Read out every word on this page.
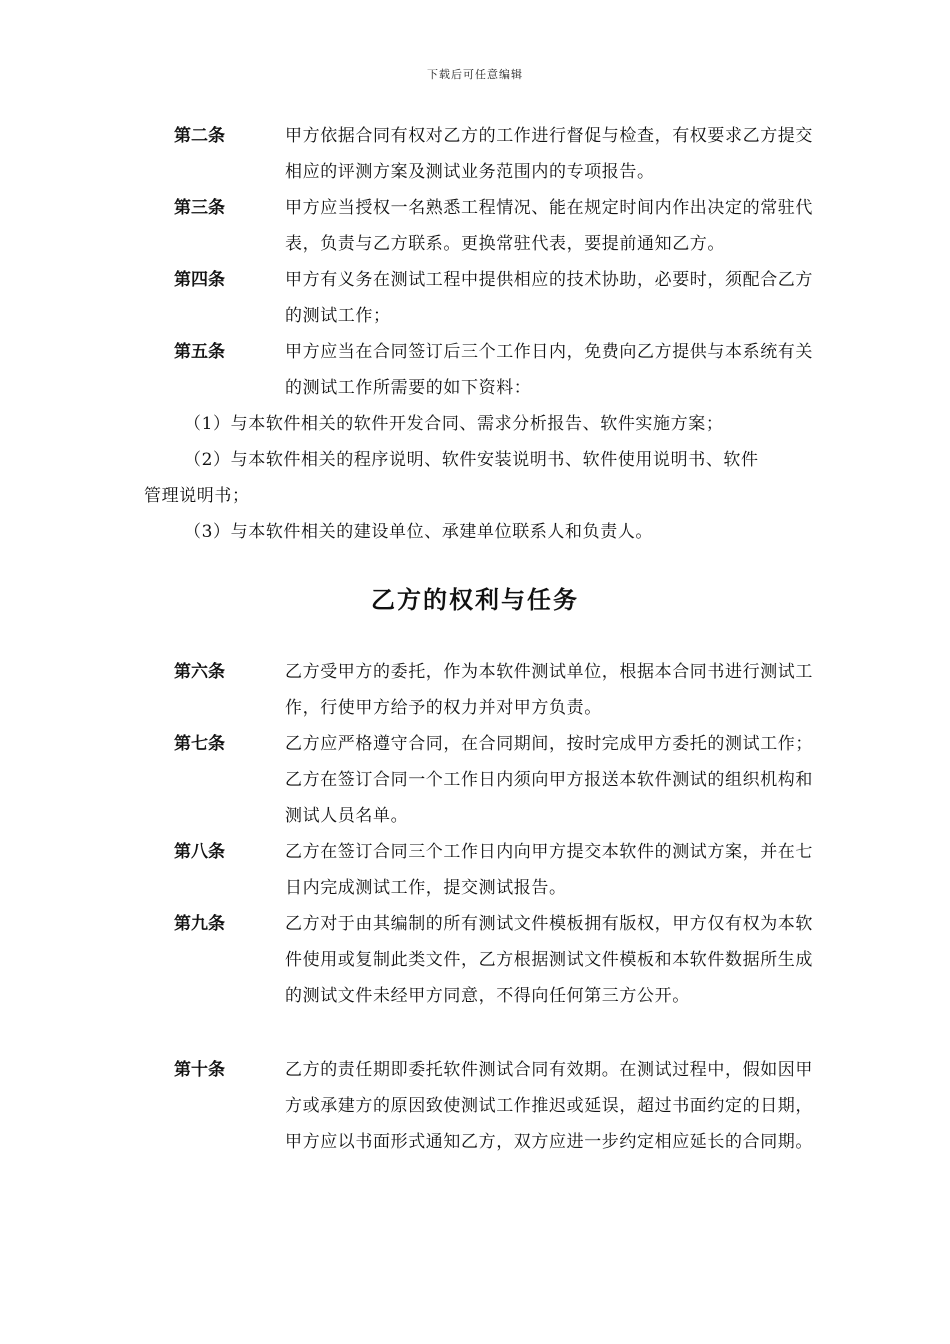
下载后可任意编辑
第二条	甲方依据合同有权对乙方的工作进行督促与检查，有权要求乙方提交相应的评测方案及测试业务范围内的专项报告。
第三条	甲方应当授权一名熟悉工程情况、能在规定时间内作出决定的常驻代表，负责与乙方联系。更换常驻代表，要提前通知乙方。
第四条	甲方有义务在测试工程中提供相应的技术协助，必要时，须配合乙方的测试工作；
第五条	甲方应当在合同签订后三个工作日内，免费向乙方提供与本系统有关的测试工作所需要的如下资料：
（1）与本软件相关的软件开发合同、需求分析报告、软件实施方案；
（2）与本软件相关的程序说明、软件安装说明书、软件使用说明书、软件
管理说明书；
（3）与本软件相关的建设单位、承建单位联系人和负责人。
乙方的权利与任务
第六条	乙方受甲方的委托，作为本软件测试单位，根据本合同书进行测试工作，行使甲方给予的权力并对甲方负责。
第七条	乙方应严格遵守合同，在合同期间，按时完成甲方委托的测试工作；乙方在签订合同一个工作日内须向甲方报送本软件测试的组织机构和测试人员名单。
第八条	乙方在签订合同三个工作日内向甲方提交本软件的测试方案，并在七日内完成测试工作，提交测试报告。
第九条	乙方对于由其编制的所有测试文件模板拥有版权，甲方仅有权为本软件使用或复制此类文件，乙方根据测试文件模板和本软件数据所生成的测试文件未经甲方同意，不得向任何第三方公开。
第十条	乙方的责任期即委托软件测试合同有效期。在测试过程中，假如因甲方或承建方的原因致使测试工作推迟或延误，超过书面约定的日期，甲方应以书面形式通知乙方，双方应进一步约定相应延长的合同期。
